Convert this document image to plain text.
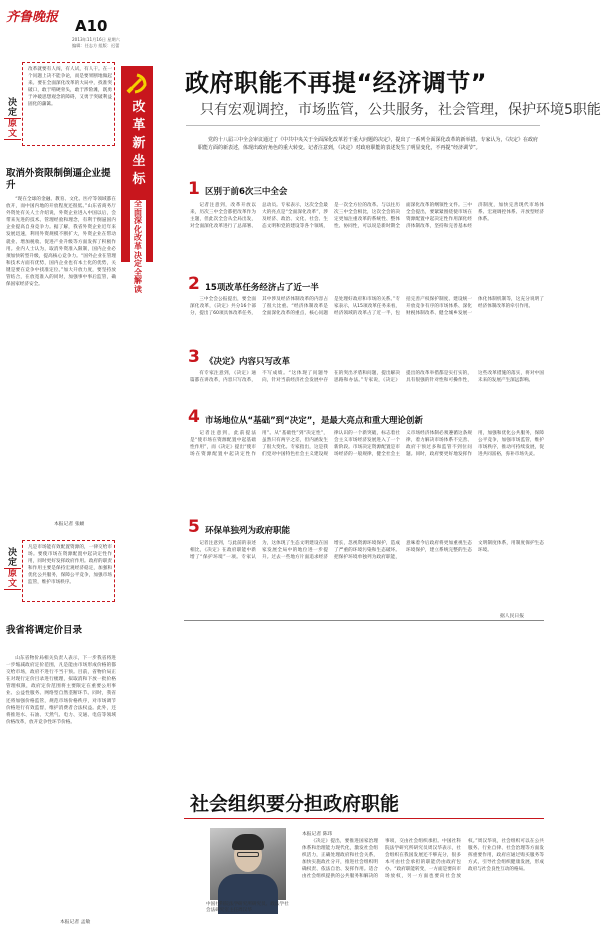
齐鲁晚报 A10
2013年11月16日 星期六
编辑：任志方 组版：迟蕾
改革就要有人闯，有人试，有人干。在一个问题上决不能争论，而是要果断地做起来。要在全面深化改革的大局中，找准突破口，敢于啃硬骨头，敢于涉险滩，既勇于冲破思想观念的障碍，又勇于突破利益固化的藩篱。
决定
原文
取消外资限制倒逼企业提升

“现在全球的金融、教育、文化、医疗等领域都在放开，而中国内地的开放程度还很低。”山东省商务厅外资处有关人士介绍说，外资企业进入中国以后，会带来先进的技术、管理经验和理念，有利于倒逼国内企业提高自身竞争力。据了解，我省外资企业近年来发展迅速，利用外资规模不断扩大，外资企业在带动就业、增加税收、促进产业升级等方面发挥了积极作用。业内人士认为，取消外资准入限制，国内企业必须加快转型升级，提高核心竞争力。“国外企业在管理和技术方面有优势，国内企业也有本土化的优势，关键是要在竞争中找准定位。”加大开放力度，要坚持放管结合，在放宽准入的同时，加强事中事后监管，确保国家经济安全。

本报记者 张頔
凡是市场能有效配置资源的，一律交给市场。要使市场在资源配置中起决定性作用，同时更好发挥政府作用。政府的职责和作用主要是保持宏观经济稳定，加强和优化公共服务，保障公平竞争，加强市场监管，维护市场秩序。
决定
原文
我省将调定价目录

山东省物价局相关负责人表示，下一步我省将进一步缩减政府定价范围，凡是能由市场形成价格的都交给市场，政府不进行不当干预。目前，省物价局正在对现行定价目录进行梳理，拟取消和下放一批价格管理权限，政府定价范围将主要限定在重要公用事业、公益性服务、网络型自然垄断环节。同时，我省还将加强价格监管，规范市场价格秩序，对市场调节价格进行有效监督，维护消费者合法权益。此外，还将推进水、石油、天然气、电力、交通、电信等领域价格改革，放开竞争性环节价格。

本报记者 孟敏
改
革
新
坐
标
全
面
深
化
改
革
决
定
全
解
读
政府职能不再提“经济调节”
只有宏观调控，市场监管，公共服务，社会管理，保护环境5职能
党的十八届三中全会审议通过了《中共中央关于全面深化改革若干重大问题的决定》，提出了一系列全面深化改革的新举措。专家认为，《决定》在政府职能方面的新表述，体现出政府角色的重大转变。记者注意到，《决定》对政府职能的表述发生了明显变化，不再提“经济调节”。
1 区别于前6次三中全会

记者注意到，改革开放以来，历次三中全会都把改革作为主题，但此次全会从全局出发，对全面深化改革进行了总部署、总动员。专家表示，这次全会最大的亮点是“全面深化改革”，涉及经济、政治、文化、社会、生态文明和党的建设等各个领域，是一次全方位的改革。与以往历次三中全会相比，这次全会的决定更加注重改革的系统性、整体性、协同性，可以说是新时期全面深化改革的纲领性文件。三中全会提出，要紧紧围绕使市场在资源配置中起决定性作用深化经济体制改革，坚持和完善基本经济制度，加快完善现代市场体系、宏观调控体系、开放型经济体系。

2 15项改革任务经济占了近一半

三中全会公报提出，要全面深化改革，《决定》共分16个部分，提出了60项具体改革任务，其中涉及经济体制改革的内容占了很大比重。“经济体制改革是全面深化改革的重点，核心问题是处理好政府和市场的关系。”专家表示，从15项改革任务来看，经济领域的改革占了近一半，包括完善产权保护制度、建设统一开放竞争有序的市场体系、深化财税体制改革、健全城乡发展一体化体制机制等，这充分说明了经济体制改革的牵引作用。

3 《决定》内容只写改革

有专家注意到，《决定》通篇都在讲改革，内容只写改革，不写成绩。“这体现了问题导向，针对当前经济社会发展中存在的突出矛盾和问题，提出解决思路和办法。”专家说，《决定》提出的改革举措都是实打实的，具有很强的针对性和可操作性，这些改革措施的落实，将对中国未来的发展产生深远影响。

4 市场地位从“基础”到“决定”，是最大亮点和重大理论创新

记者注意到，此前提法是“使市场在资源配置中起基础性作用”，而《决定》提出“使市场在资源配置中起决定性作用”。从“基础性”到“决定性”，虽然只有两字之差，但内涵发生了很大变化。专家指出，这是我们党对中国特色社会主义建设规律认识的一个新突破，标志着社会主义市场经济发展进入了一个新阶段。市场决定资源配置是市场经济的一般规律，健全社会主义市场经济体制必须遵循这条规律，着力解决市场体系不完善、政府干预过多和监管不到位问题。同时，政府要更好地发挥作用，加强和优化公共服务，保障公平竞争，加强市场监管，维护市场秩序，推动可持续发展，促进共同富裕，弥补市场失灵。

5 环保单独列为政府职能

记者注意到，与此前的表述相比，《决定》在政府职能中新增了“保护环境”一项。专家认为，这体现了生态文明建设在国家发展全局中的地位进一步提升。过去一些地方片面追求经济增长，忽视资源环境保护，造成了严重的环境污染和生态破坏。把保护环境单独列为政府职能，意味着今后政府将更加重视生态环境保护，建立系统完整的生态文明制度体系，用制度保护生态环境。

据人民日报
社会组织要分担政府职能
本报记者 陈玮
中国社科院法学研究所研究员、政法学社会法研究室主任周汉华

《决定》提出，要推进国家治理体系和治理能力现代化，激发社会组织活力，正确处理政府和社会关系，加快实施政社分开，推进社会组织明确权责、依法自治、发挥作用。适合由社会组织提供的公共服务和解决的事项，交由社会组织承担。中国社科院法学研究所研究员周汉华表示，社会组织在我国发展还不够充分，很多本可由社会承担的职能仍由政府包办。“政府职能转变，一方面是要向市场放权，另一方面也要向社会放权。”周汉华说，社会组织可以在公共服务、行业自律、社会治理等方面发挥重要作用，政府应通过购买服务等方式，引导社会组织健康发展，形成政府与社会良性互动的格局。
